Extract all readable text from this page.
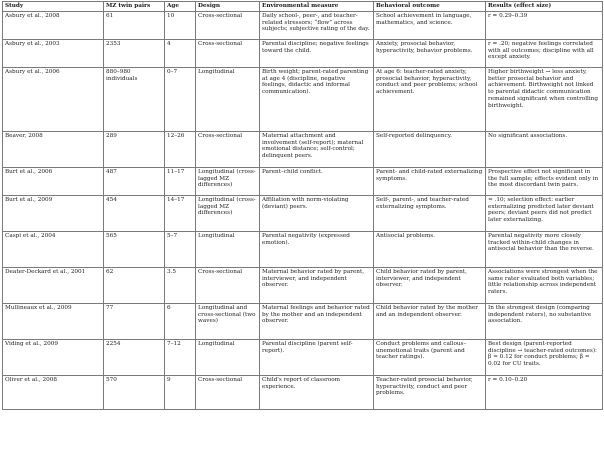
Study	MZ twin pairs	Age	Design	Environmental measure	Behavioral outcome	Results (effect size)
Asbury et al., 2008	61	10	Cross-sectional	Daily school-, peer-, and teacher-related stressors; “flow” across subjects; subjective rating of the day.	School achievement in language, mathematics, and science.	r = 0.29–0.39
Asbury et al., 2003	2353	4	Cross-sectional	Parental discipline; negative feelings toward the child.	Anxiety, prosocial behavior, hyperactivity, behavior problems.	r = .20; negative feelings correlated with all outcomes; discipline with all except anxiety.
Asbury et al., 2006	880–980 individuals	0–7	Longitudinal	Birth weight; parent-rated parenting at age 4 (discipline, negative feelings, didactic and informal communication).	At age 6: teacher-rated anxiety, prosocial behavior, hyperactivity, conduct and peer problems; school achievement.	Higher birthweight → less anxiety, better prosocial behavior and achievement. Birthweight not linked to parental didactic communication remained significant when controlling birthweight.
Beaver, 2008	289	12–26	Cross-sectional	Maternal attachment and involvement (self-report); maternal emotional distance; self-control; delinquent peers.	Self-reported delinquency.	No significant associations.
Burt et al., 2006	487	11–17	Longitudinal (cross-lagged MZ differences)	Parent–child conflict.	Parent- and child-rated externalizing symptoms.	Prospective effect not significant in the full sample; effects evident only in the most discordant twin pairs.
Burt et al., 2009	454	14–17	Longitudinal (cross-lagged MZ differences)	Affiliation with norm-violating (deviant) peers.	Self-, parent-, and teacher-rated externalizing symptoms.	≈ .10; selection effect: earlier externalizing predicted later deviant peers; deviant peers did not predict later externalizing.
Caspi et al., 2004	565	5–7	Longitudinal	Parental negativity (expressed emotion).	Antisocial problems.	Parental negativity more closely tracked within-child changes in antisocial behavior than the reverse.
Deater-Deckard et al., 2001	62	3.5	Cross-sectional	Maternal behavior rated by parent, interviewer, and independent observer.	Child behavior rated by parent, interviewer, and independent observer.	Associations were strongest when the same rater evaluated both variables; little relationship across independent raters.
Mullineaux et al., 2009	77	6	Longitudinal and cross-sectional (two waves)	Maternal feelings and behavior rated by the mother and an independent observer.	Child behavior rated by the mother and an independent observer.	In the strongest design (comparing independent raters), no substantive association.
Viding et al., 2009	2254	7–12	Longitudinal	Parental discipline (parent self-report).	Conduct problems and callous–unemotional traits (parent and teacher ratings).	Best design (parent-reported discipline → teacher-rated outcomes): β ≈ 0.12 for conduct problems; β ≈ 0.02 for CU traits.
Oliver et al., 2008	570	9	Cross-sectional	Child's report of classroom experience.	Teacher-rated prosocial behavior, hyperactivity, conduct and peer problems.	r = 0.10–0.20
